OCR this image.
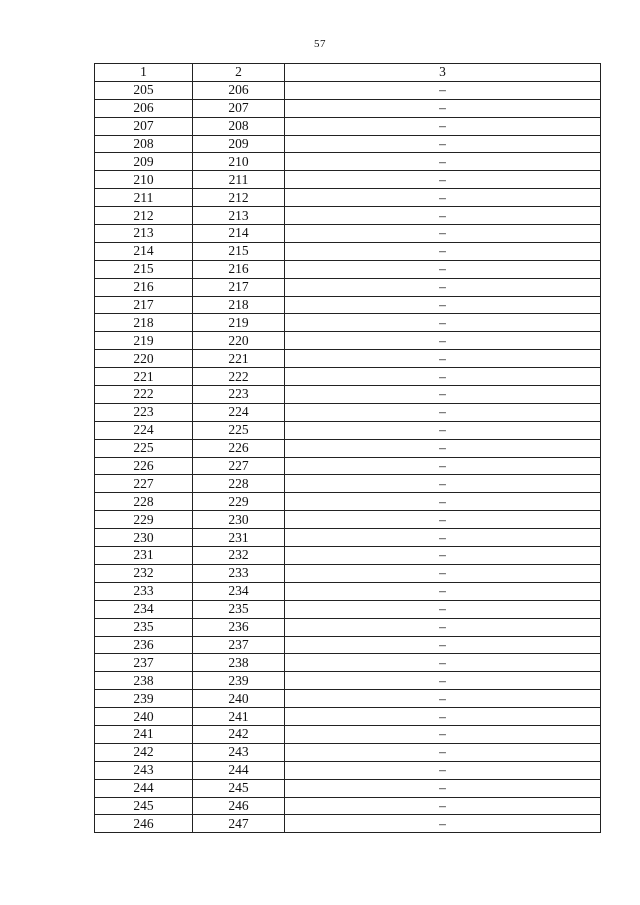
57
1	2	3
205	206	–
206	207	–
207	208	–
208	209	–
209	210	–
210	211	–
211	212	–
212	213	–
213	214	–
214	215	–
215	216	–
216	217	–
217	218	–
218	219	–
219	220	–
220	221	–
221	222	–
222	223	–
223	224	–
224	225	–
225	226	–
226	227	–
227	228	–
228	229	–
229	230	–
230	231	–
231	232	–
232	233	–
233	234	–
234	235	–
235	236	–
236	237	–
237	238	–
238	239	–
239	240	–
240	241	–
241	242	–
242	243	–
243	244	–
244	245	–
245	246	–
246	247	–
